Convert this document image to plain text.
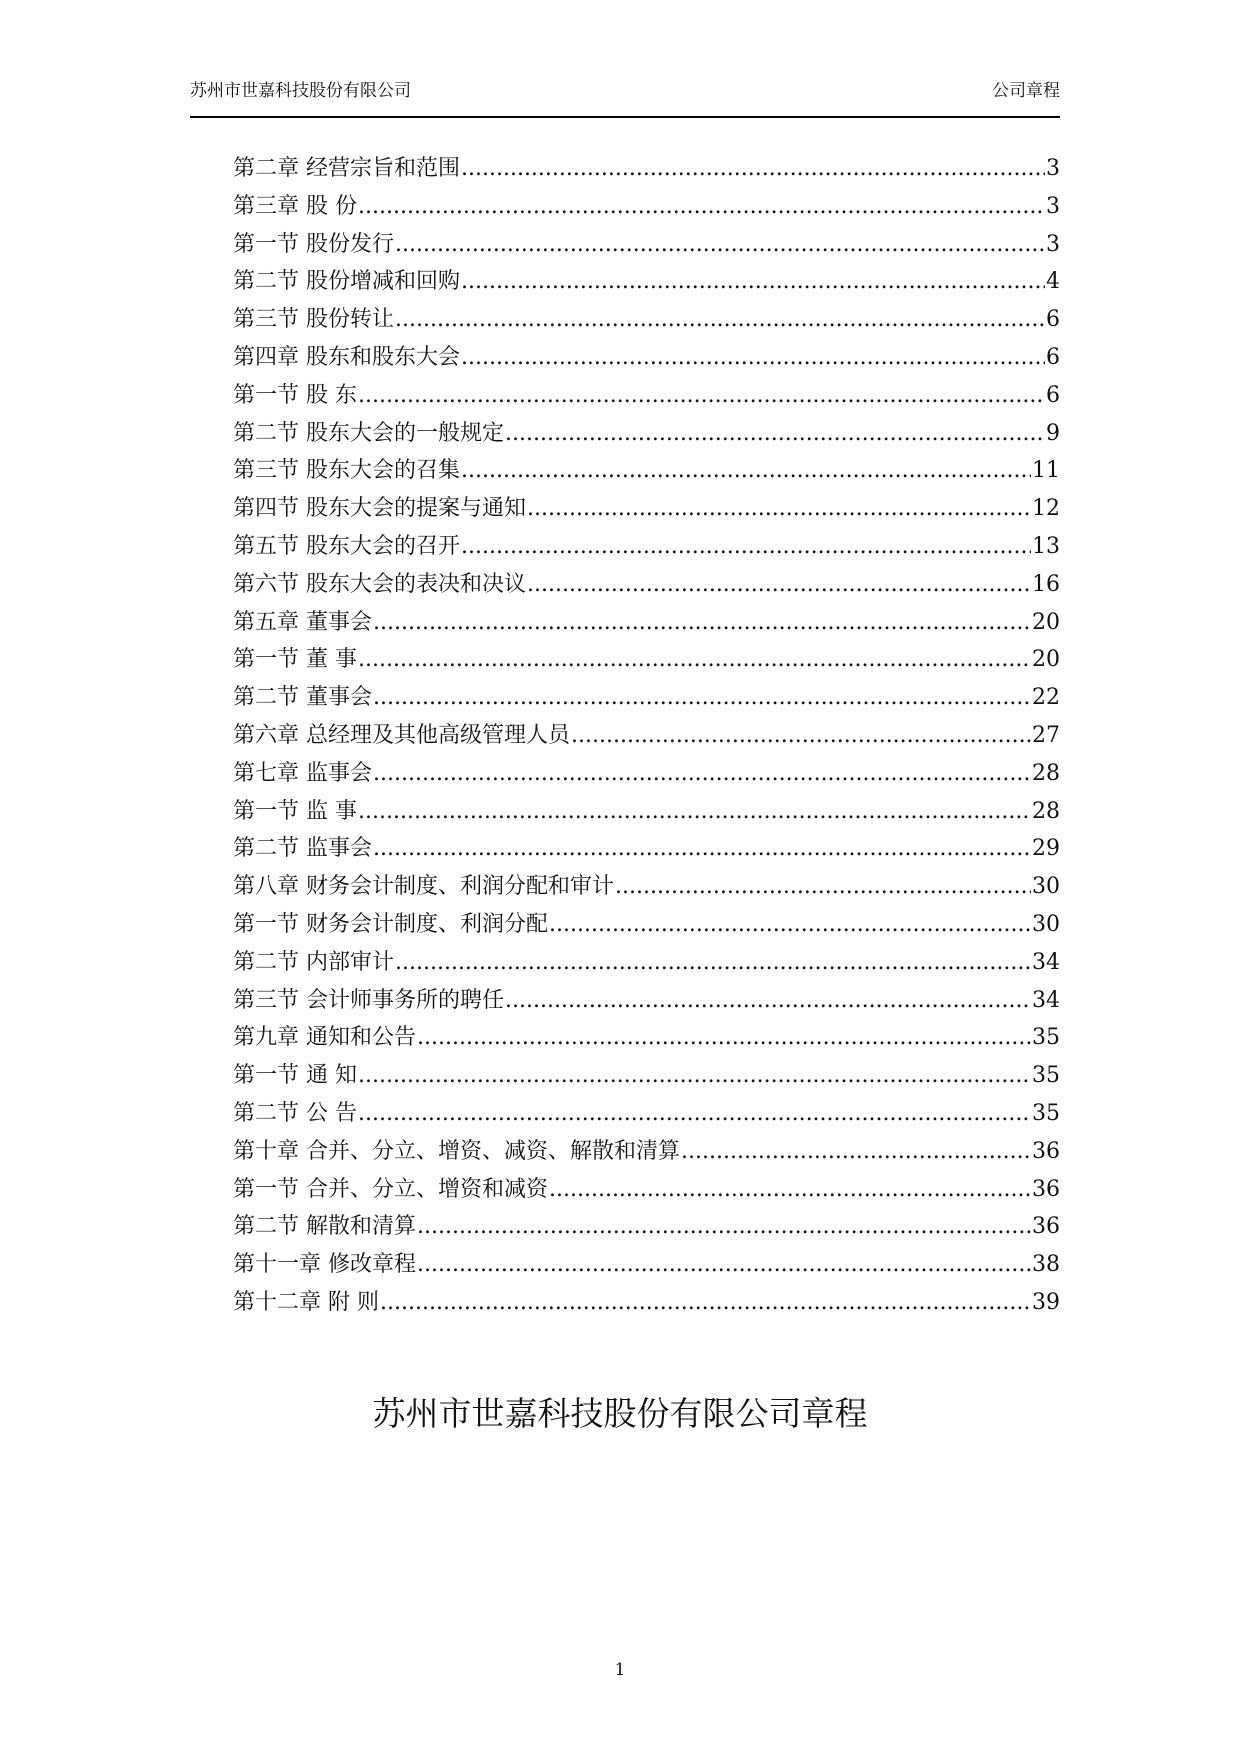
苏州市世嘉科技股份有限公司	公司章程
第二章 经营宗旨和范围 .....	3
第三章 股 份 .....	3
第一节 股份发行 .....	3
第二节 股份增减和回购 .....	4
第三节 股份转让 .....	6
第四章 股东和股东大会 .....	6
第一节 股 东 .....	6
第二节 股东大会的一般规定 .....	9
第三节 股东大会的召集 .....	11
第四节 股东大会的提案与通知 .....	12
第五节 股东大会的召开 .....	13
第六节 股东大会的表决和决议 .....	16
第五章 董事会 .....	20
第一节 董 事 .....	20
第二节 董事会 .....	22
第六章 总经理及其他高级管理人员 .....	27
第七章 监事会 .....	28
第一节 监 事 .....	28
第二节 监事会 .....	29
第八章 财务会计制度、利润分配和审计 .....	30
第一节 财务会计制度、利润分配 .....	30
第二节 内部审计 .....	34
第三节 会计师事务所的聘任 .....	34
第九章 通知和公告 .....	35
第一节 通 知 .....	35
第二节 公 告 .....	35
第十章 合并、分立、增资、减资、解散和清算 .....	36
第一节 合并、分立、增资和减资 .....	36
第二节 解散和清算 .....	36
第十一章 修改章程 .....	38
第十二章 附 则 .....	39
苏州市世嘉科技股份有限公司章程
1
